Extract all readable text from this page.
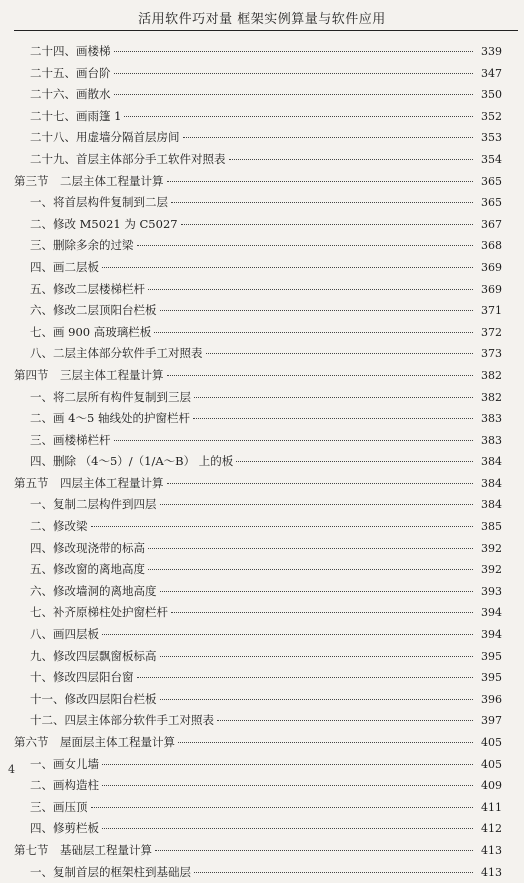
活用软件巧对量 框架实例算量与软件应用
二十四、画楼梯	339
二十五、画台阶	347
二十六、画散水	350
二十七、画雨篷 1	352
二十八、用虚墙分隔首层房间	353
二十九、首层主体部分手工软件对照表	354
第三节　二层主体工程量计算	365
一、将首层构件复制到二层	365
二、修改 M5021 为 C5027	367
三、删除多余的过梁	368
四、画二层板	369
五、修改二层楼梯栏杆	369
六、修改二层顶阳台栏板	371
七、画 900 高玻璃栏板	372
八、二层主体部分软件手工对照表	373
第四节　三层主体工程量计算	382
一、将二层所有构件复制到三层	382
二、画 4～5 轴线处的护窗栏杆	383
三、画楼梯栏杆	383
四、删除 （4～5）/（1/A～B） 上的板	384
第五节　四层主体工程量计算	384
一、复制二层构件到四层	384
二、修改梁	385
四、修改现浇带的标高	392
五、修改窗的离地高度	392
六、修改墙洞的离地高度	393
七、补齐原梯柱处护窗栏杆	394
八、画四层板	394
九、修改四层飘窗板标高	395
十、修改四层阳台窗	395
十一、修改四层阳台栏板	396
十二、四层主体部分软件手工对照表	397
第六节　屋面层主体工程量计算	405
一、画女儿墙	405
二、画构造柱	409
三、画压顶	411
四、修剪栏板	412
第七节　基础层工程量计算	413
一、复制首层的框架柱到基础层	413
4
